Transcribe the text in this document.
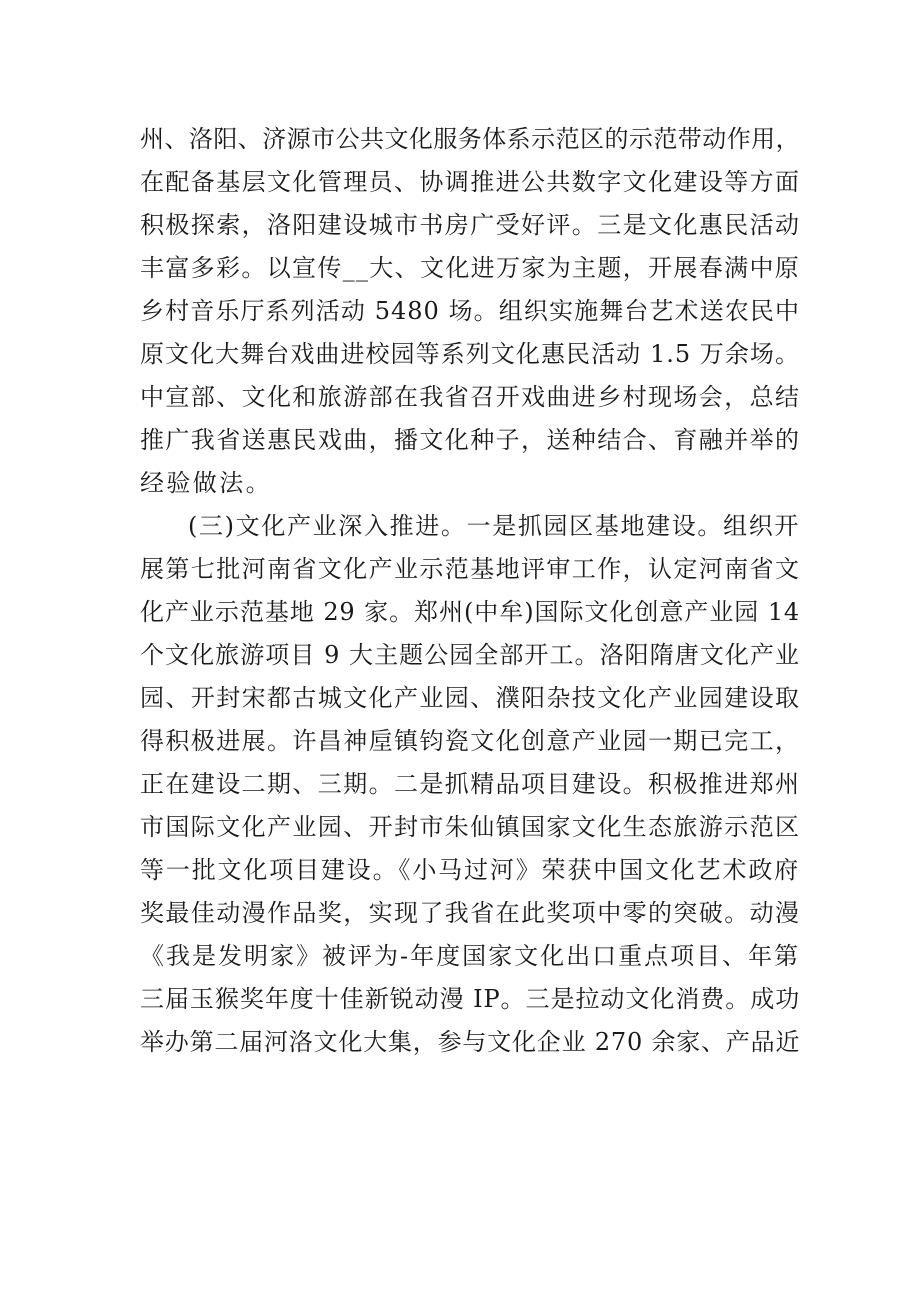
州、洛阳、济源市公共文化服务体系示范区的示范带动作用，
在配备基层文化管理员、协调推进公共数字文化建设等方面
积极探索，洛阳建设城市书房广受好评。三是文化惠民活动
丰富多彩。以宣传__大、文化进万家为主题，开展春满中原
乡村音乐厅系列活动 5480 场。组织实施舞台艺术送农民中
原文化大舞台戏曲进校园等系列文化惠民活动 1.5 万余场。
中宣部、文化和旅游部在我省召开戏曲进乡村现场会，总结
推广我省送惠民戏曲，播文化种子，送种结合、育融并举的
经验做法。
(三)文化产业深入推进。一是抓园区基地建设。组织开
展第七批河南省文化产业示范基地评审工作，认定河南省文
化产业示范基地 29 家。郑州(中牟)国际文化创意产业园 14
个文化旅游项目 9 大主题公园全部开工。洛阳隋唐文化产业
园、开封宋都古城文化产业园、濮阳杂技文化产业园建设取
得积极进展。许昌神垕镇钧瓷文化创意产业园一期已完工，
正在建设二期、三期。二是抓精品项目建设。积极推进郑州
市国际文化产业园、开封市朱仙镇国家文化生态旅游示范区
等一批文化项目建设。《小马过河》荣获中国文化艺术政府
奖最佳动漫作品奖，实现了我省在此奖项中零的突破。动漫
《我是发明家》被评为-年度国家文化出口重点项目、年第
三届玉猴奖年度十佳新锐动漫 IP。三是拉动文化消费。成功
举办第二届河洛文化大集，参与文化企业 270 余家、产品近
